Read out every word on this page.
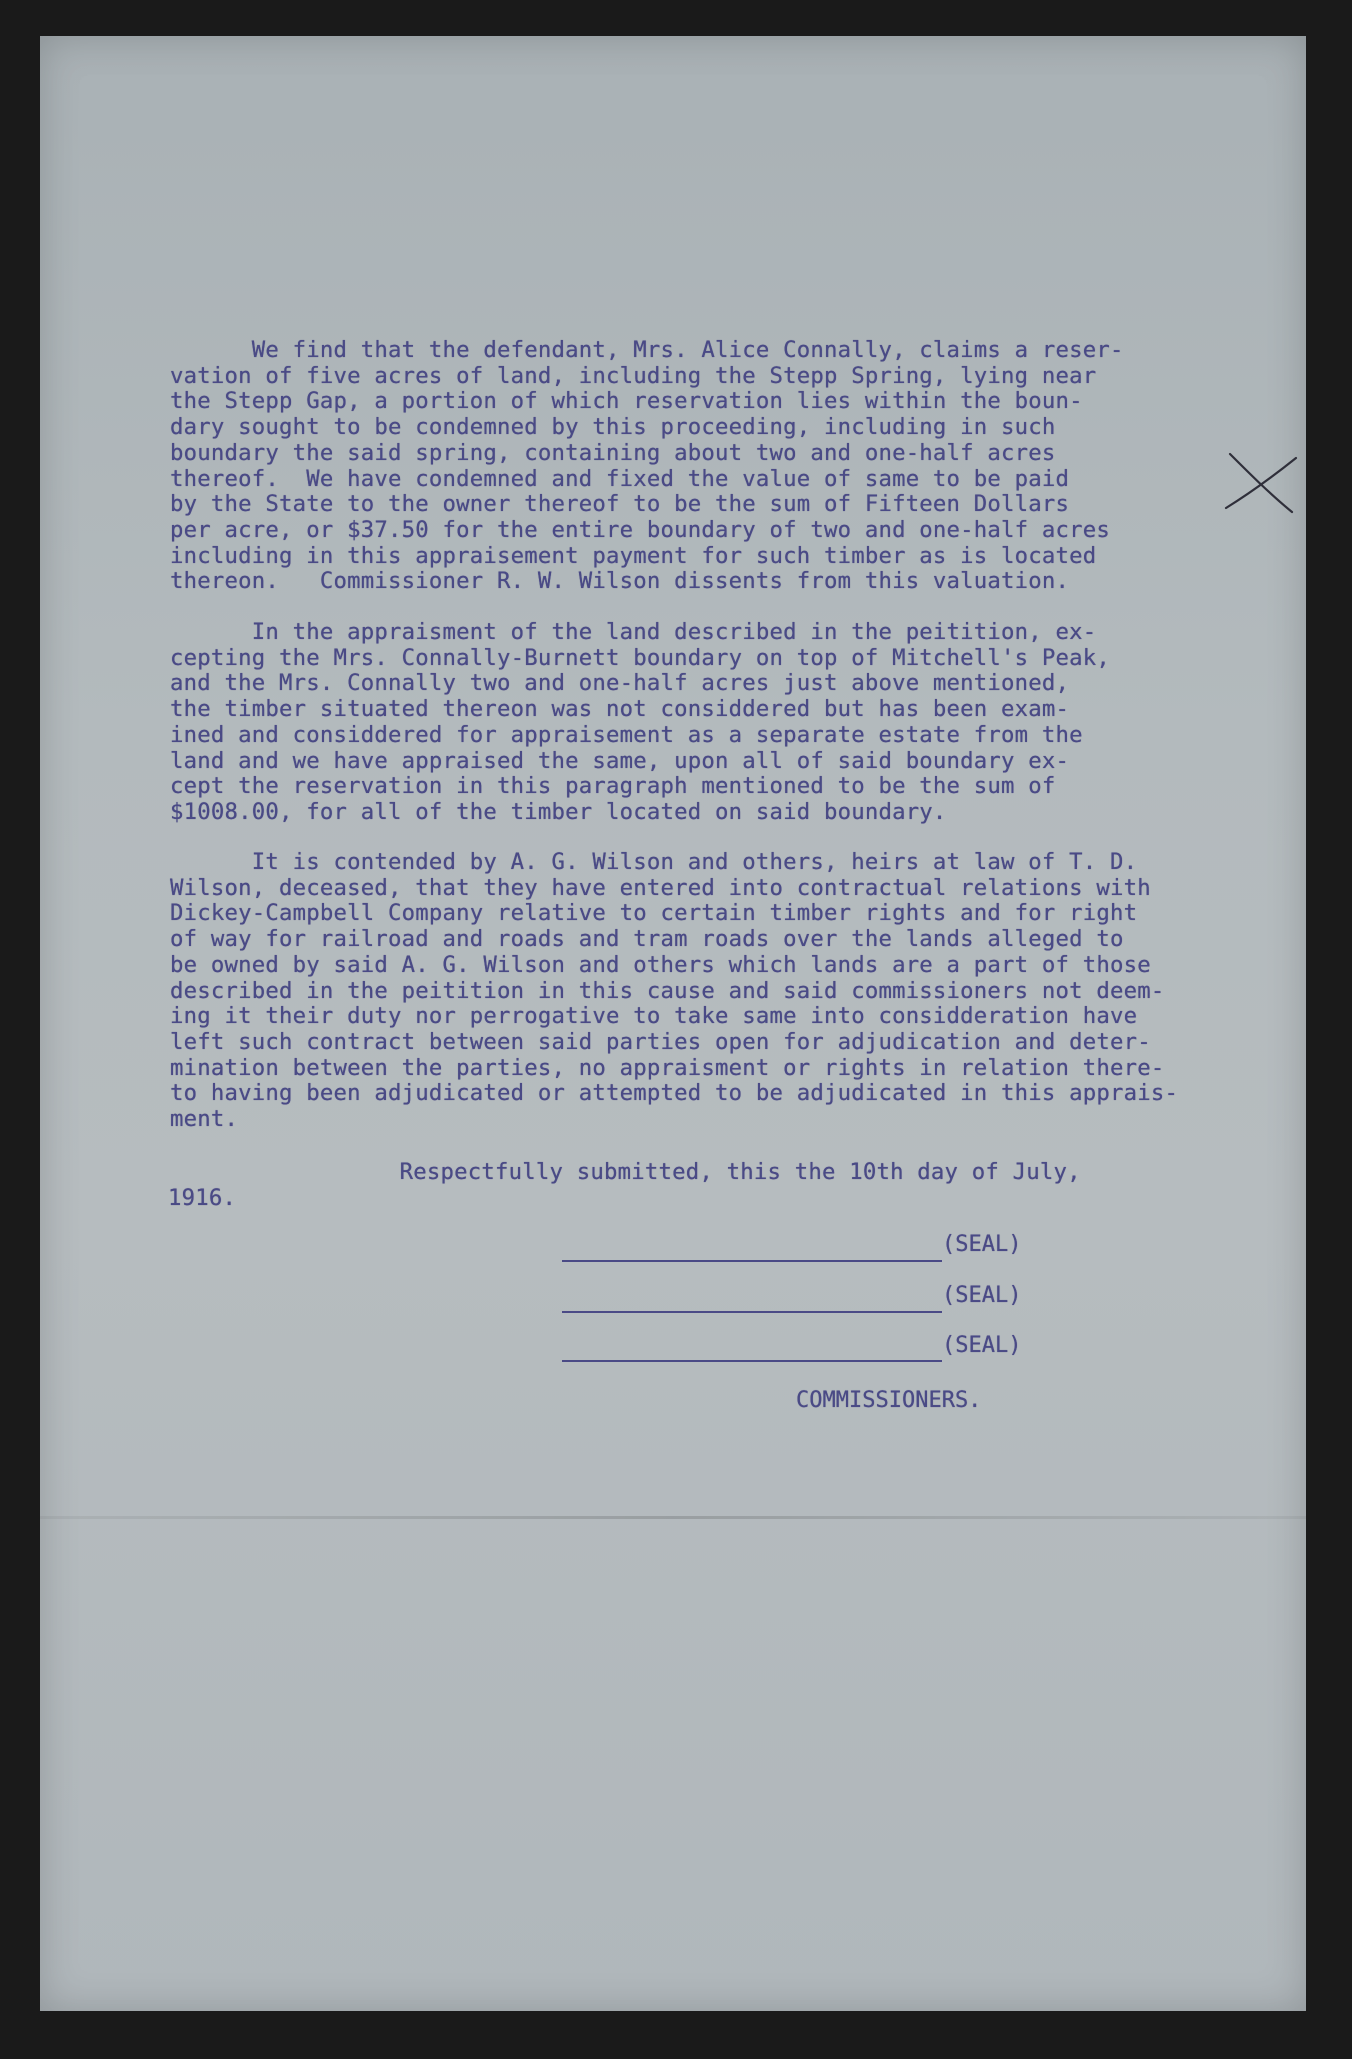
We find that the defendant, Mrs. Alice Connally, claims a reser-
vation of five acres of land, including the Stepp Spring, lying near
the Stepp Gap, a portion of which reservation lies within the boun-
dary sought to be condemned by this proceeding, including in such
boundary the said spring, containing about two and one-half acres
thereof.  We have condemned and fixed the value of same to be paid
by the State to the owner thereof to be the sum of Fifteen Dollars
per acre, or $37.50 for the entire boundary of two and one-half acres
including in this appraisement payment for such timber as is located
thereon.   Commissioner R. W. Wilson dissents from this valuation.
In the appraisment of the land described in the peitition, ex-
cepting the Mrs. Connally-Burnett boundary on top of Mitchell's Peak,
and the Mrs. Connally two and one-half acres just above mentioned,
the timber situated thereon was not considdered but has been exam-
ined and considdered for appraisement as a separate estate from the
land and we have appraised the same, upon all of said boundary ex-
cept the reservation in this paragraph mentioned to be the sum of
$1008.00, for all of the timber located on said boundary.
It is contended by A. G. Wilson and others, heirs at law of T. D.
Wilson, deceased, that they have entered into contractual relations with
Dickey-Campbell Company relative to certain timber rights and for right
of way for railroad and roads and tram roads over the lands alleged to
be owned by said A. G. Wilson and others which lands are a part of those
described in the peitition in this cause and said commissioners not deem-
ing it their duty nor perrogative to take same into considderation have
left such contract between said parties open for adjudication and deter-
mination between the parties, no appraisment or rights in relation there-
to having been adjudicated or attempted to be adjudicated in this apprais-
ment.
Respectfully submitted, this the 10th day of July,
1916.
(SEAL)
(SEAL)
(SEAL)
COMMISSIONERS.
